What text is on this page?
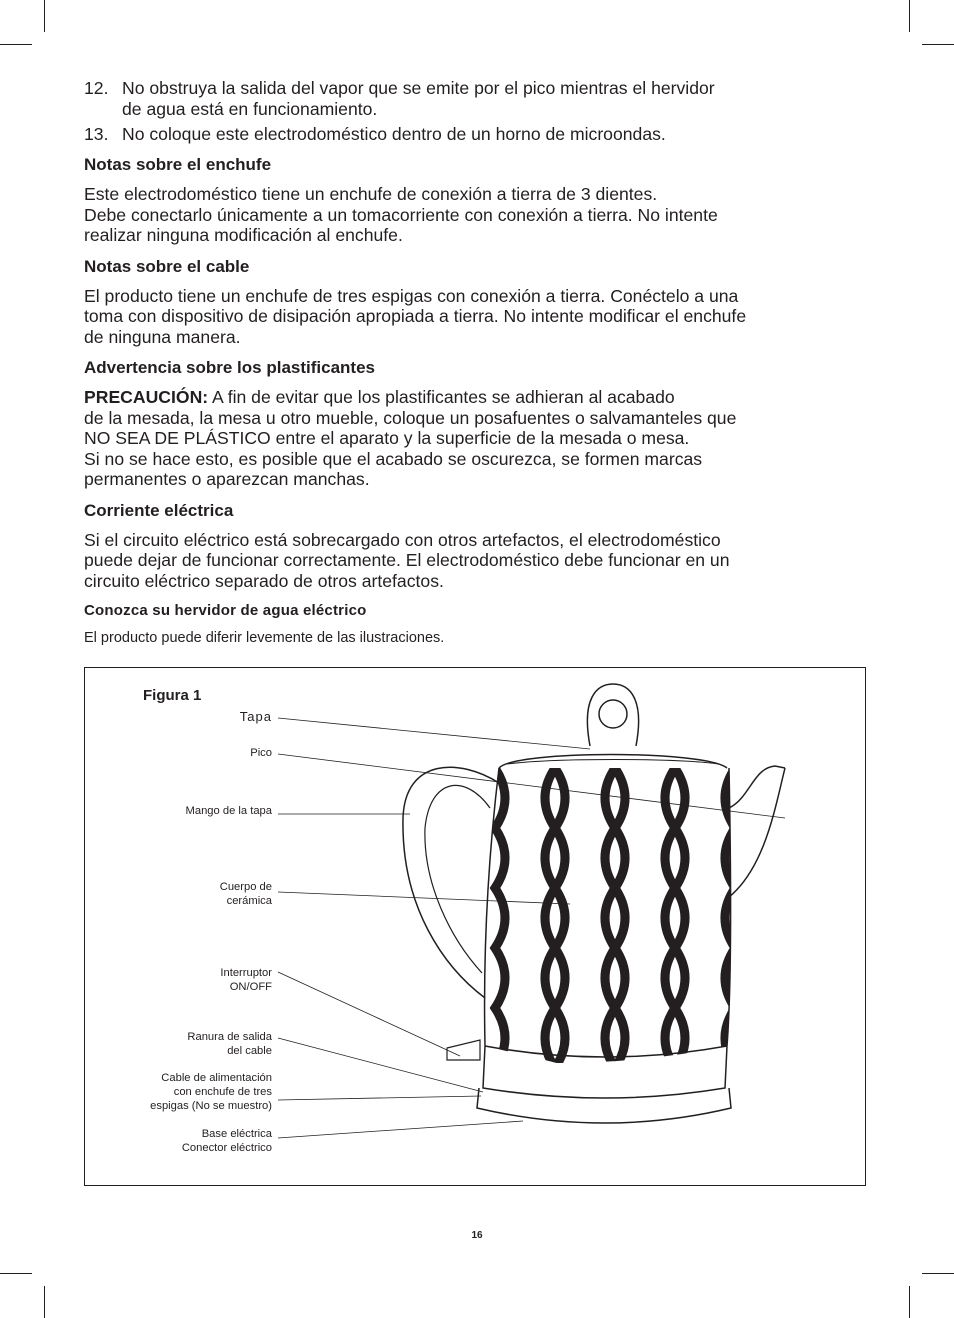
12. No obstruya la salida del vapor que se emite por el pico mientras el hervidor
de agua está en funcionamiento.
13. No coloque este electrodoméstico dentro de un horno de microondas.
Notas sobre el enchufe

Este electrodoméstico tiene un enchufe de conexión a tierra de 3 dientes.
Debe conectarlo únicamente a un tomacorriente con conexión a tierra. No intente
realizar ninguna modificación al enchufe.

Notas sobre el cable

El producto tiene un enchufe de tres espigas con conexión a tierra. Conéctelo a una
toma con dispositivo de disipación apropiada a tierra. No intente modificar el enchufe
de ninguna manera.

Advertencia sobre los plastificantes

PRECAUCIÓN: A fin de evitar que los plastificantes se adhieran al acabado
de la mesada, la mesa u otro mueble, coloque un posafuentes o salvamanteles que
NO SEA DE PLÁSTICO entre el aparato y la superficie de la mesada o mesa.
Si no se hace esto, es posible que el acabado se oscurezca, se formen marcas
permanentes o aparezcan manchas.

Corriente eléctrica

Si el circuito eléctrico está sobrecargado con otros artefactos, el electrodoméstico
puede dejar de funcionar correctamente. El electrodoméstico debe funcionar en un
circuito eléctrico separado de otros artefactos.

Conozca su hervidor de agua eléctrico

El producto puede diferir levemente de las ilustraciones.

Figura 1
Tapa
Pico
Mango de la tapa
Cuerpo de
cerámica
Interruptor
ON/OFF
Ranura de salida
del cable
Cable de alimentación
con enchufe de tres
espigas (No se muestro)
Base eléctrica
Conector eléctrico
16
